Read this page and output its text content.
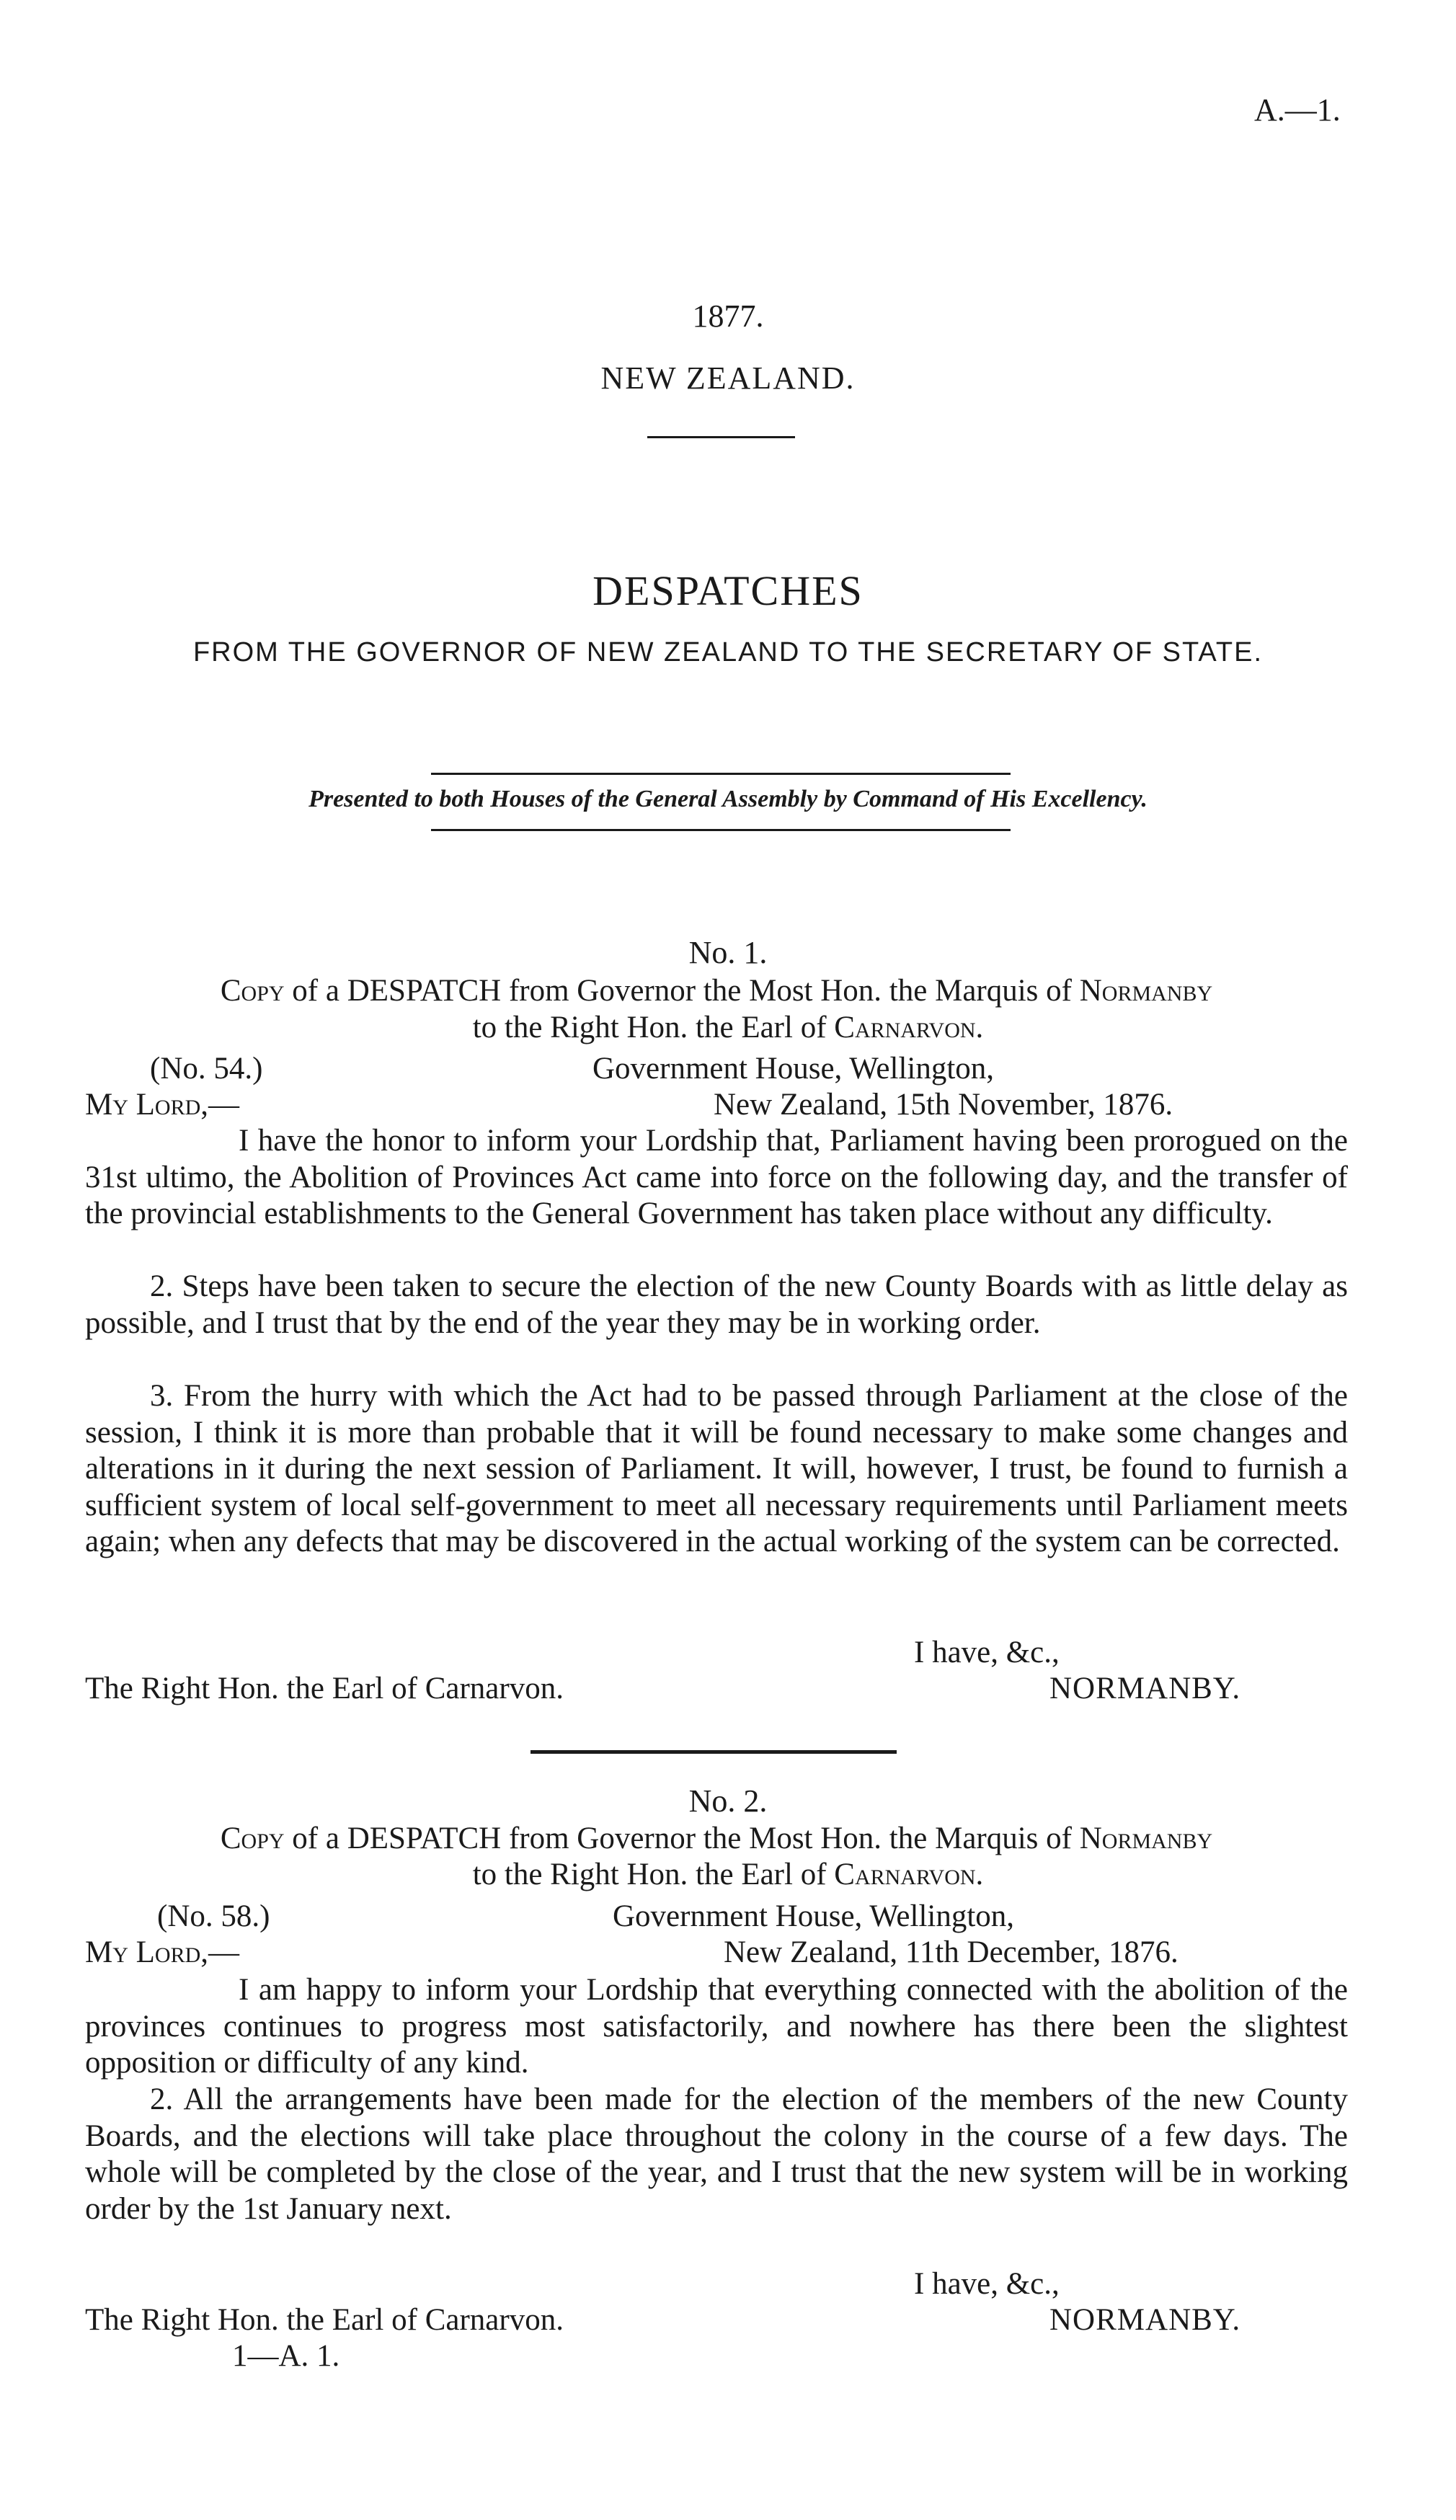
A.—1.
1877.
NEW ZEALAND.
DESPATCHES
FROM THE GOVERNOR OF NEW ZEALAND TO THE SECRETARY OF STATE.
Presented to both Houses of the General Assembly by Command of His Excellency.
No. 1.
Copy of a DESPATCH from Governor the Most Hon. the Marquis of Normanby
to the Right Hon. the Earl of Carnarvon.
(No. 54.)	Government House, Wellington,
My Lord,—	New Zealand, 15th November, 1876.
I have the honor to inform your Lordship that, Parliament having been prorogued on the 31st ultimo, the Abolition of Provinces Act came into force on the following day, and the transfer of the provincial establishments to the General Government has taken place without any difficulty.
2. Steps have been taken to secure the election of the new County Boards with as little delay as possible, and I trust that by the end of the year they may be in working order.
3. From the hurry with which the Act had to be passed through Parliament at the close of the session, I think it is more than probable that it will be found necessary to make some changes and alterations in it during the next session of Parliament. It will, however, I trust, be found to furnish a sufficient system of local self-government to meet all necessary requirements until Parliament meets again; when any defects that may be discovered in the actual working of the system can be corrected.
I have, &c.,
The Right Hon. the Earl of Carnarvon.	NORMANBY.
No. 2.
Copy of a DESPATCH from Governor the Most Hon. the Marquis of Normanby
to the Right Hon. the Earl of Carnarvon.
(No. 58.)	Government House, Wellington,
My Lord,—	New Zealand, 11th December, 1876.
I am happy to inform your Lordship that everything connected with the abolition of the provinces continues to progress most satisfactorily, and nowhere has there been the slightest opposition or difficulty of any kind.
2. All the arrangements have been made for the election of the members of the new County Boards, and the elections will take place throughout the colony in the course of a few days. The whole will be completed by the close of the year, and I trust that the new system will be in working order by the 1st January next.
I have, &c.,
The Right Hon. the Earl of Carnarvon.	NORMANBY.
1—A. 1.
